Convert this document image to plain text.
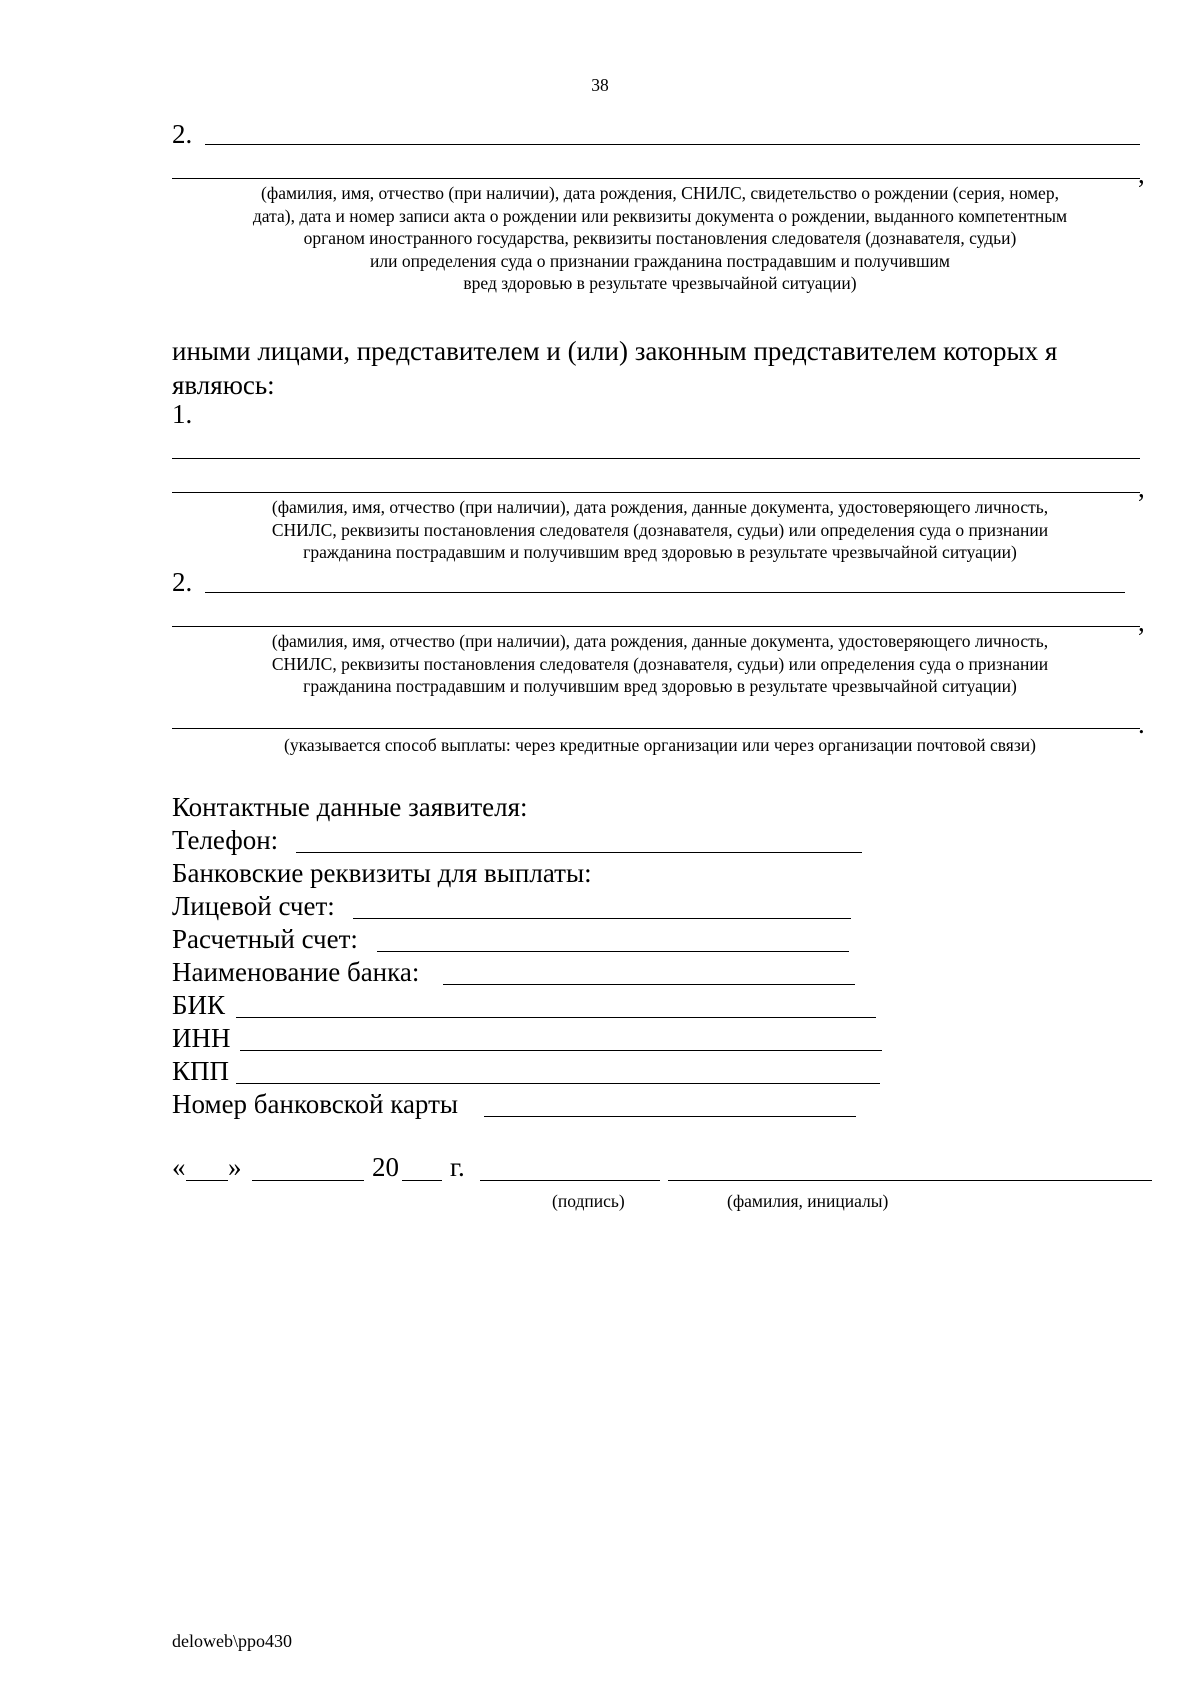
38
2.
,
(фамилия, имя, отчество (при наличии), дата рождения, СНИЛС, свидетельство о рождении (серия, номер,
дата), дата и номер записи акта о рождении или реквизиты документа о рождении, выданного компетентным
органом иностранного государства, реквизиты постановления следователя (дознавателя, судьи)
или определения суда о признании гражданина пострадавшим и получившим
вред здоровью в результате чрезвычайной ситуации)
иными лицами, представителем и (или) законным представителем которых я являюсь:
1.
,
(фамилия, имя, отчество (при наличии), дата рождения, данные документа, удостоверяющего личность,
СНИЛС, реквизиты постановления следователя (дознавателя, судьи) или определения суда о признании
гражданина пострадавшим и получившим вред здоровью в результате чрезвычайной ситуации)
2.
,
(фамилия, имя, отчество (при наличии), дата рождения, данные документа, удостоверяющего личность,
СНИЛС, реквизиты постановления следователя (дознавателя, судьи) или определения суда о признании
гражданина пострадавшим и получившим вред здоровью в результате чрезвычайной ситуации)
.
(указывается способ выплаты: через кредитные организации или через организации почтовой связи)
Контактные данные заявителя:
Телефон:
Банковские реквизиты для выплаты:
Лицевой счет:
Расчетный счет:
Наименование банка:
БИК
ИНН
КПП
Номер банковской карты
« »	20 г.
(подпись)	(фамилия, инициалы)
deloweb\ppo430
